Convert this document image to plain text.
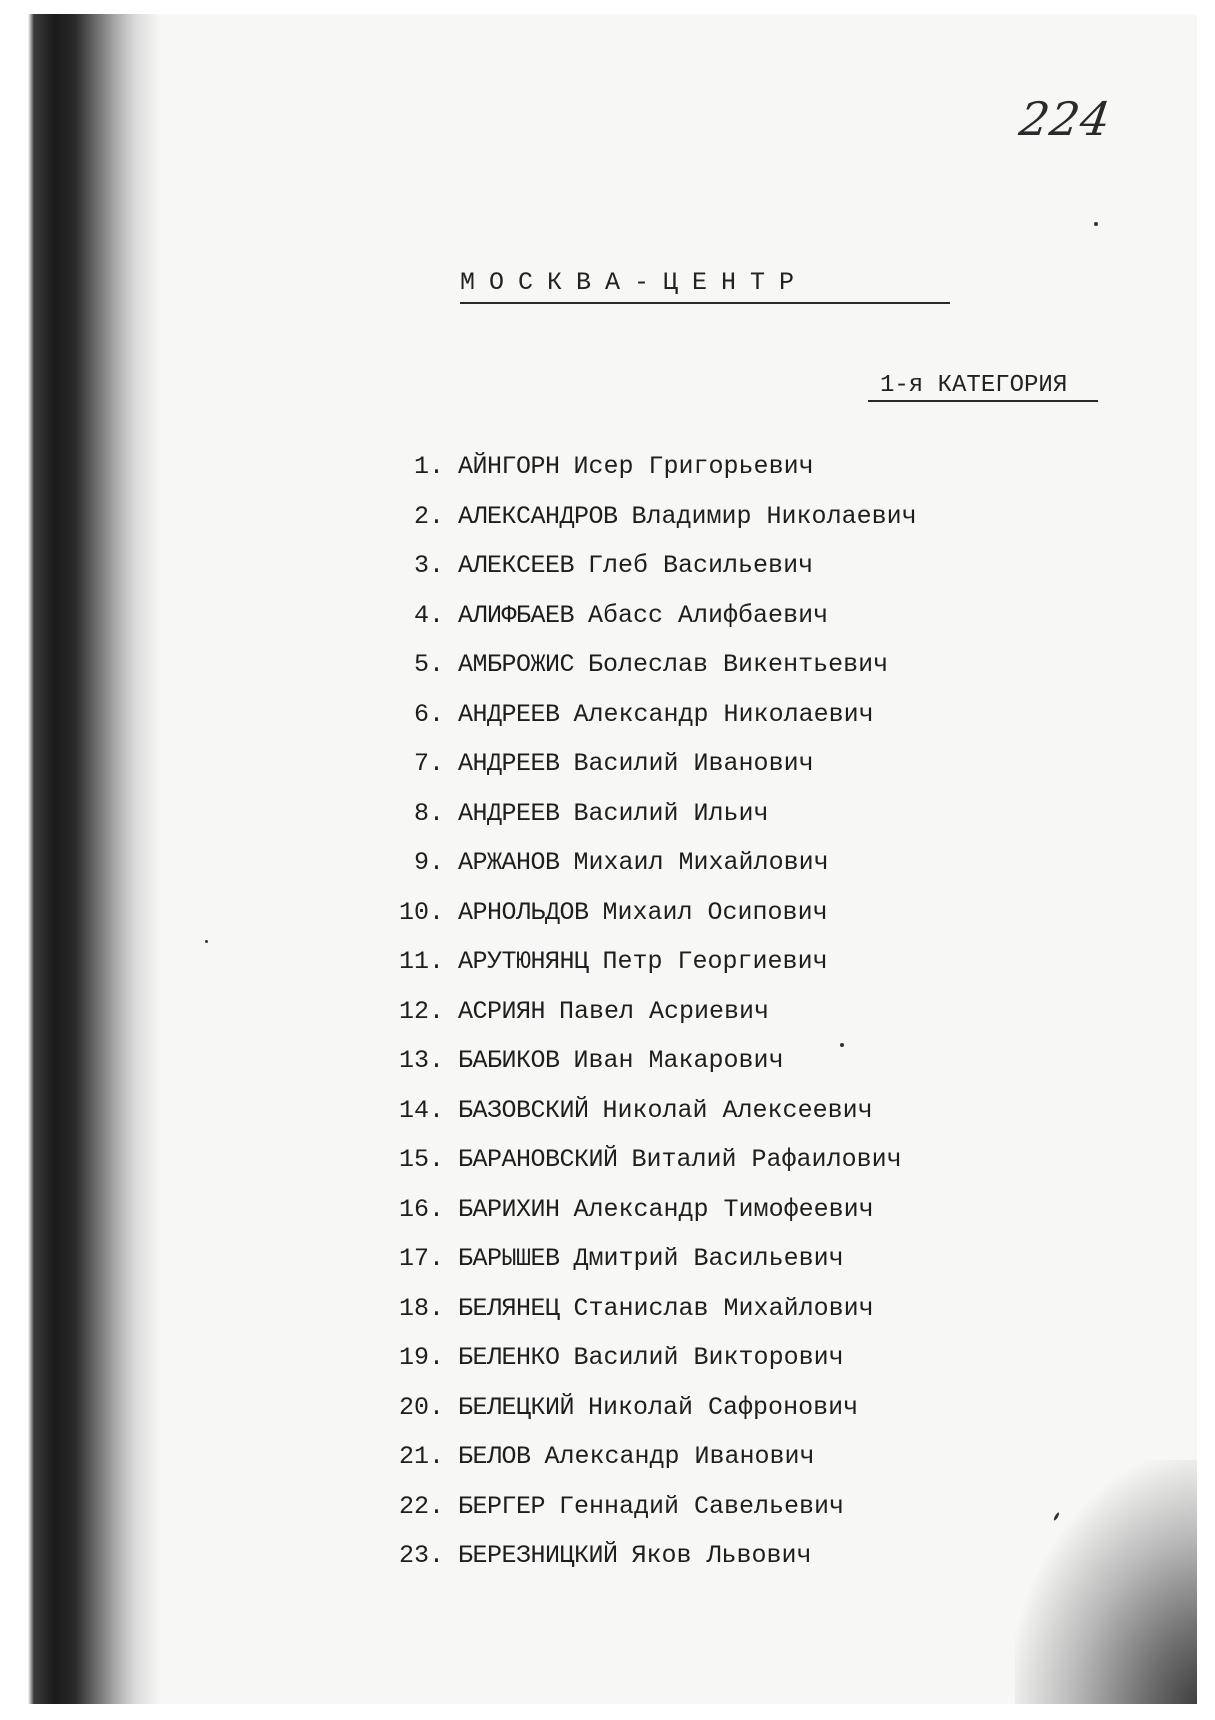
224
МОСКВА-ЦЕНТР
1-я КАТЕГОРИЯ
1. АЙНГОРН Исер Григорьевич
2. АЛЕКСАНДРОВ Владимир Николаевич
3. АЛЕКСЕЕВ Глеб Васильевич
4. АЛИФБАЕВ Абасс Алифбаевич
5. АМБРОЖИС Болеслав Викентьевич
6. АНДРЕЕВ Александр Николаевич
7. АНДРЕЕВ Василий Иванович
8. АНДРЕЕВ Василий Ильич
9. АРЖАНОВ Михаил Михайлович
10. АРНОЛЬДОВ Михаил Осипович
11. АРУТЮНЯНЦ Петр Георгиевич
12. АСРИЯН Павел Асриевич
13. БАБИКОВ Иван Макарович
14. БАЗОВСКИЙ Николай Алексеевич
15. БАРАНОВСКИЙ Виталий Рафаилович
16. БАРИХИН Александр Тимофеевич
17. БАРЫШЕВ Дмитрий Васильевич
18. БЕЛЯНЕЦ Станислав Михайлович
19. БЕЛЕНКО Василий Викторович
20. БЕЛЕЦКИЙ Николай Сафронович
21. БЕЛОВ Александр Иванович
22. БЕРГЕР Геннадий Савельевич
23. БЕРЕЗНИЦКИЙ Яков Львович
